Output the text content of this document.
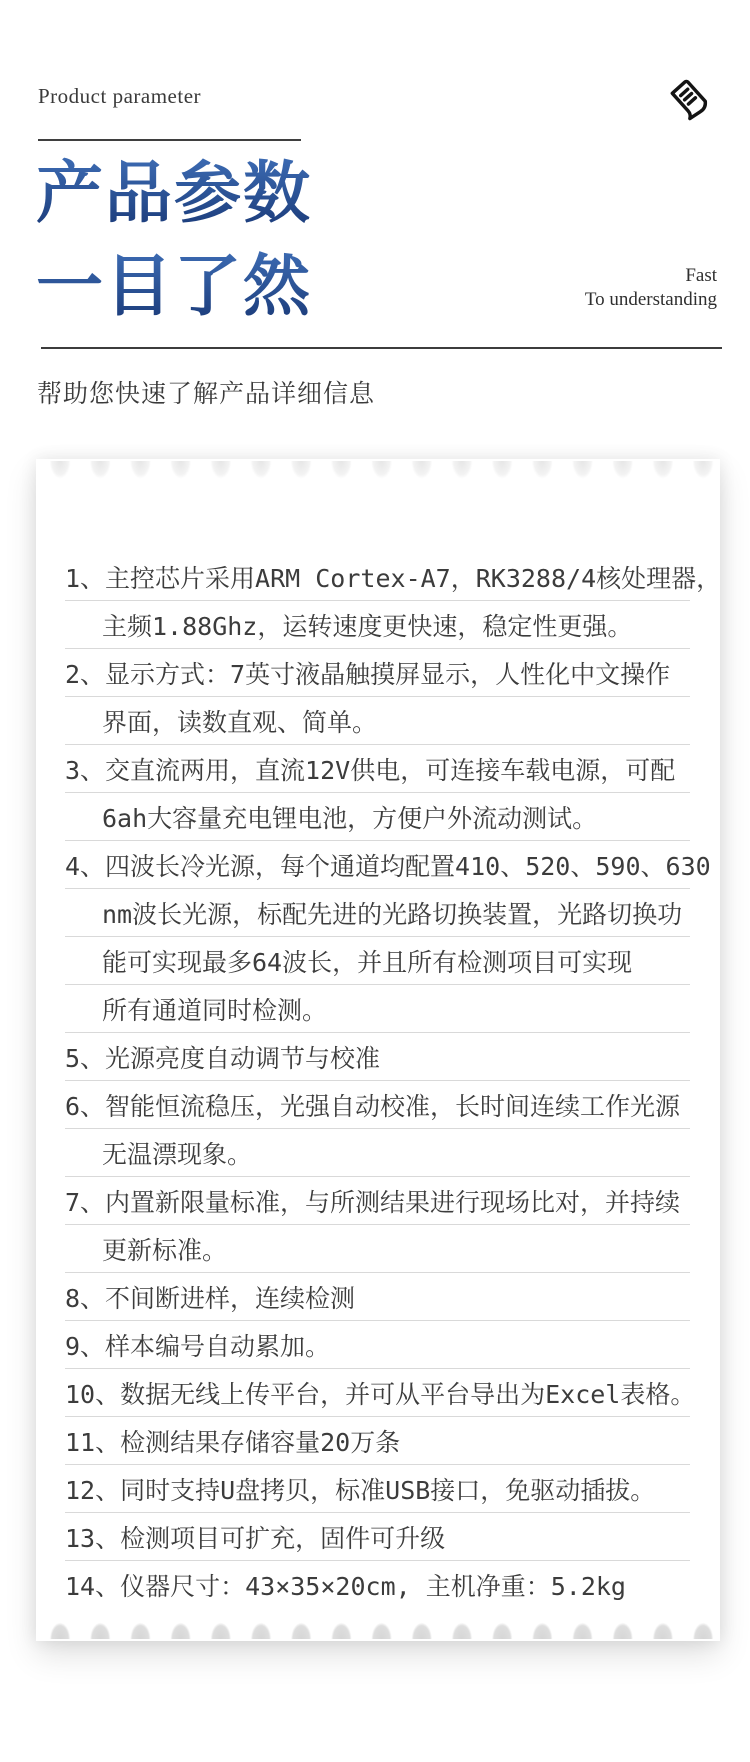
Product parameter
产品参数
一目了然	Fast
To understanding
帮助您快速了解产品详细信息
1、主控芯片采用ARM Cortex-A7，RK3288/4核处理器，
主频1.88Ghz，运转速度更快速，稳定性更强。
2、显示方式：7英寸液晶触摸屏显示，人性化中文操作
界面，读数直观、简单。
3、交直流两用，直流12V供电，可连接车载电源，可配
6ah大容量充电锂电池，方便户外流动测试。
4、四波长冷光源，每个通道均配置410、520、590、630
nm波长光源，标配先进的光路切换装置，光路切换功
能可实现最多64波长，并且所有检测项目可实现
所有通道同时检测。
5、光源亮度自动调节与校准
6、智能恒流稳压，光强自动校准，长时间连续工作光源
无温漂现象。
7、内置新限量标准，与所测结果进行现场比对，并持续
更新标准。
8、不间断进样，连续检测
9、样本编号自动累加。
10、数据无线上传平台，并可从平台导出为Excel表格。
11、检测结果存储容量20万条
12、同时支持U盘拷贝，标准USB接口，免驱动插拔。
13、检测项目可扩充，固件可升级
14、仪器尺寸：43×35×20cm, 主机净重：5.2kg
